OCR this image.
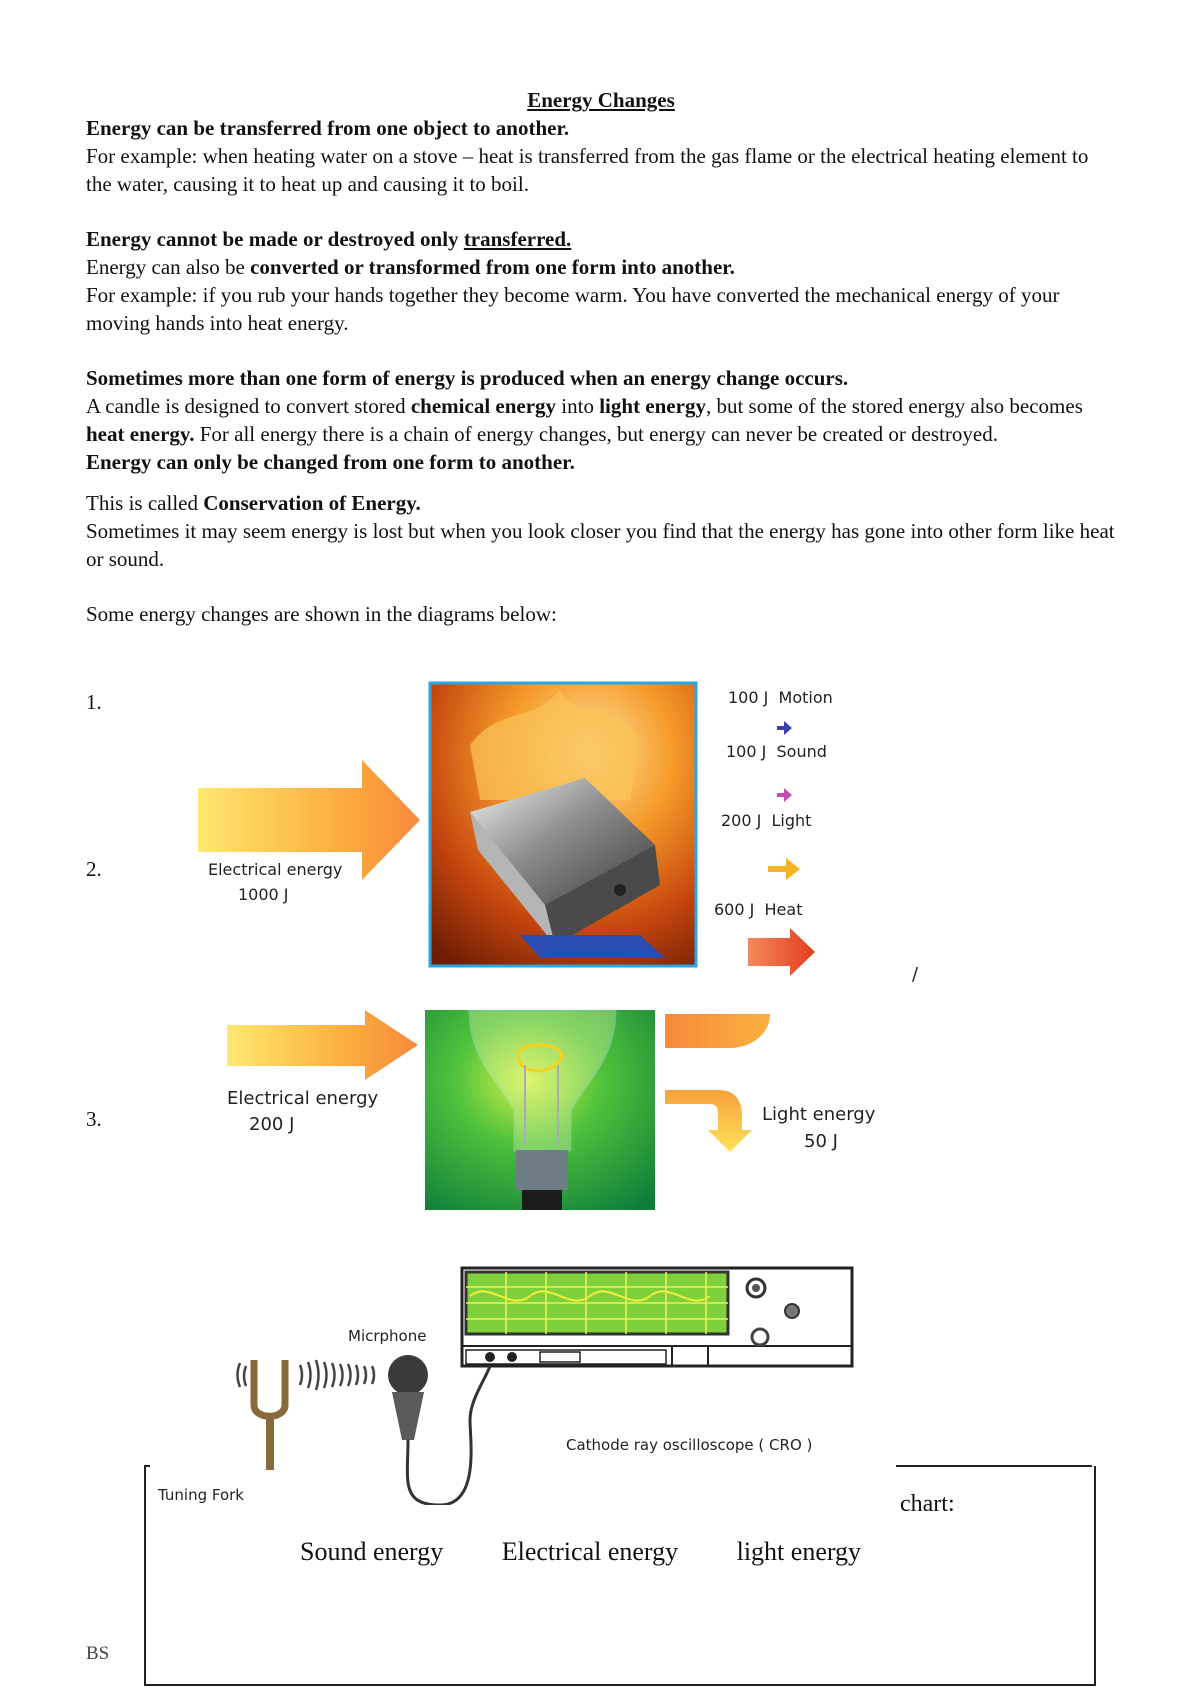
Energy Changes

Energy can be transferred from one object to another.

For example: when heating water on a stove – heat is transferred from the gas flame or the electrical heating element to the water, causing it to heat up and causing it to boil.

Energy cannot be made or destroyed only transferred.

Energy can also be converted or transformed from one form into another.

For example: if you rub your hands together they become warm. You have converted the mechanical energy of your moving hands into heat energy.

Sometimes more than one form of energy is produced when an energy change occurs.

A candle is designed to convert stored chemical energy into light energy, but some of the stored energy also becomes heat energy. For all energy there is a chain of energy changes, but energy can never be created or destroyed.

Energy can only be changed from one form to another.

This is called Conservation of Energy.

Sometimes it may seem energy is lost but when you look closer you find that the energy has gone into other form like heat or sound.

Some energy changes are shown in the diagrams below:

1.
2.
3.
/
Electrical energy
1000 J
100 J Motion
100 J Sound
200 J Light
600 J Heat
Electrical energy
200 J	Light energy
50 J
chart:
Sound energy Electrical energy light energy
Micrphone
Cathode ray oscilloscope ( CRO )
Tuning Fork
BS
